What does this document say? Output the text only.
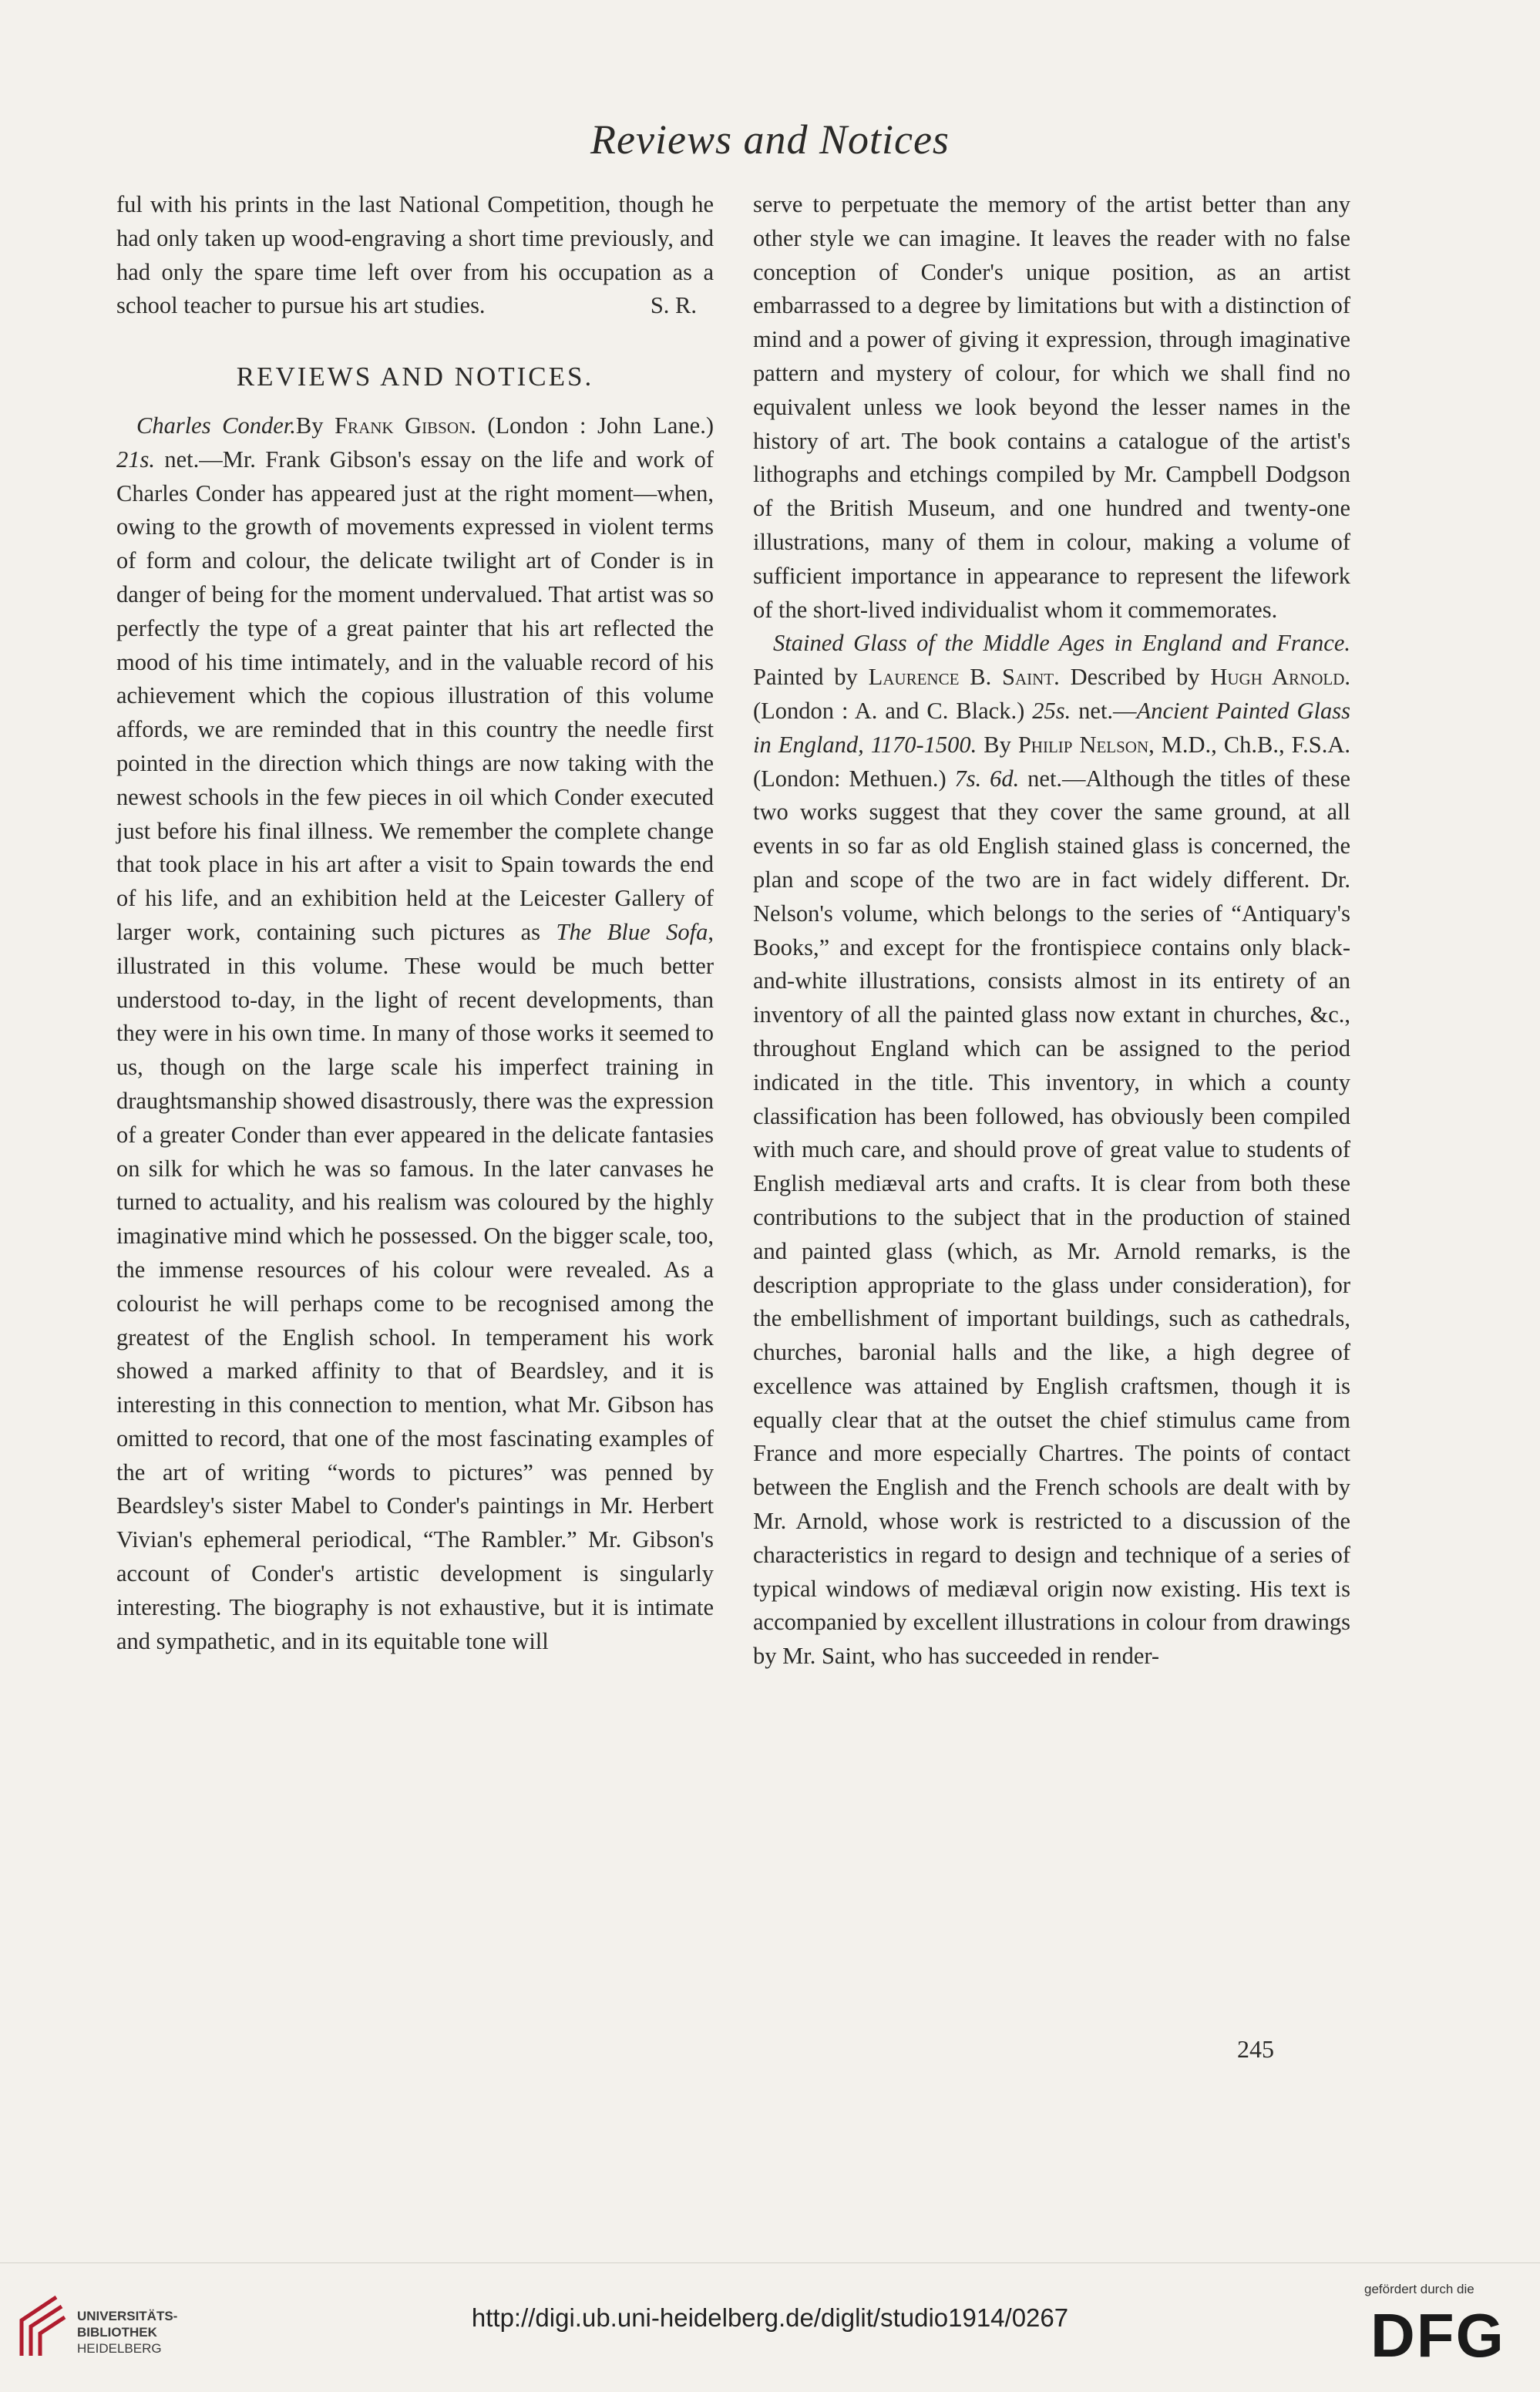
Reviews and Notices

ful with his prints in the last National Competition, though he had only taken up wood-engraving a short time previously, and had only the spare time left over from his occupation as a school teacher to pursue his art studies.	S. R.
REVIEWS AND NOTICES.

Charles Conder.By Frank Gibson. (London : John Lane.) 21s. net.—Mr. Frank Gibson's essay on the life and work of Charles Conder has appeared just at the right moment—when, owing to the growth of movements expressed in violent terms of form and colour, the delicate twilight art of Conder is in danger of being for the moment undervalued. That artist was so perfectly the type of a great painter that his art reflected the mood of his time intimately, and in the valuable record of his achievement which the copious illustration of this volume affords, we are reminded that in this country the needle first pointed in the direction which things are now taking with the newest schools in the few pieces in oil which Conder executed just before his final illness. We remember the complete change that took place in his art after a visit to Spain towards the end of his life, and an exhibition held at the Leicester Gallery of larger work, containing such pictures as The Blue Sofa, illustrated in this volume. These would be much better understood to-day, in the light of recent developments, than they were in his own time. In many of those works it seemed to us, though on the large scale his imperfect training in draughtsmanship showed disastrously, there was the expression of a greater Conder than ever appeared in the delicate fantasies on silk for which he was so famous. In the later canvases he turned to actuality, and his realism was coloured by the highly imaginative mind which he possessed. On the bigger scale, too, the immense resources of his colour were revealed. As a colourist he will perhaps come to be recognised among the greatest of the English school. In temperament his work showed a marked affinity to that of Beardsley, and it is interesting in this connection to mention, what Mr. Gibson has omitted to record, that one of the most fascinating examples of the art of writing “words to pictures” was penned by Beardsley's sister Mabel to Conder's paintings in Mr. Herbert Vivian's ephemeral periodical, “The Rambler.” Mr. Gibson's account of Conder's artistic development is singularly interesting. The biography is not exhaustive, but it is intimate and sympathetic, and in its equitable tone will

serve to perpetuate the memory of the artist better than any other style we can imagine. It leaves the reader with no false conception of Conder's unique position, as an artist embarrassed to a degree by limitations but with a distinction of mind and a power of giving it expression, through imaginative pattern and mystery of colour, for which we shall find no equivalent unless we look beyond the lesser names in the history of art. The book contains a catalogue of the artist's lithographs and etchings compiled by Mr. Campbell Dodgson of the British Museum, and one hundred and twenty-one illustrations, many of them in colour, making a volume of sufficient importance in appearance to represent the lifework of the short-lived individualist whom it commemorates.

Stained Glass of the Middle Ages in England and France. Painted by Laurence B. Saint. Described by Hugh Arnold. (London : A. and C. Black.) 25s. net.—Ancient Painted Glass in England, 1170-1500. By Philip Nelson, M.D., Ch.B., F.S.A. (London: Methuen.) 7s. 6d. net.—Although the titles of these two works suggest that they cover the same ground, at all events in so far as old English stained glass is concerned, the plan and scope of the two are in fact widely different. Dr. Nelson's volume, which belongs to the series of “Antiquary's Books,” and except for the frontispiece contains only black-and-white illustrations, consists almost in its entirety of an inventory of all the painted glass now extant in churches, &c., throughout England which can be assigned to the period indicated in the title. This inventory, in which a county classification has been followed, has obviously been compiled with much care, and should prove of great value to students of English mediæval arts and crafts. It is clear from both these contributions to the subject that in the production of stained and painted glass (which, as Mr. Arnold remarks, is the description appropriate to the glass under consideration), for the embellishment of important buildings, such as cathedrals, churches, baronial halls and the like, a high degree of excellence was attained by English craftsmen, though it is equally clear that at the outset the chief stimulus came from France and more especially Chartres. The points of contact between the English and the French schools are dealt with by Mr. Arnold, whose work is restricted to a discussion of the characteristics in regard to design and technique of a series of typical windows of mediæval origin now existing. His text is accompanied by excellent illustrations in colour from drawings by Mr. Saint, who has succeeded in render-

245
UNIVERSITÄTS-
BIBLIOTHEK
HEIDELBERG
http://digi.ub.uni-heidelberg.de/diglit/studio1914/0267
gefördert durch die
DFG
